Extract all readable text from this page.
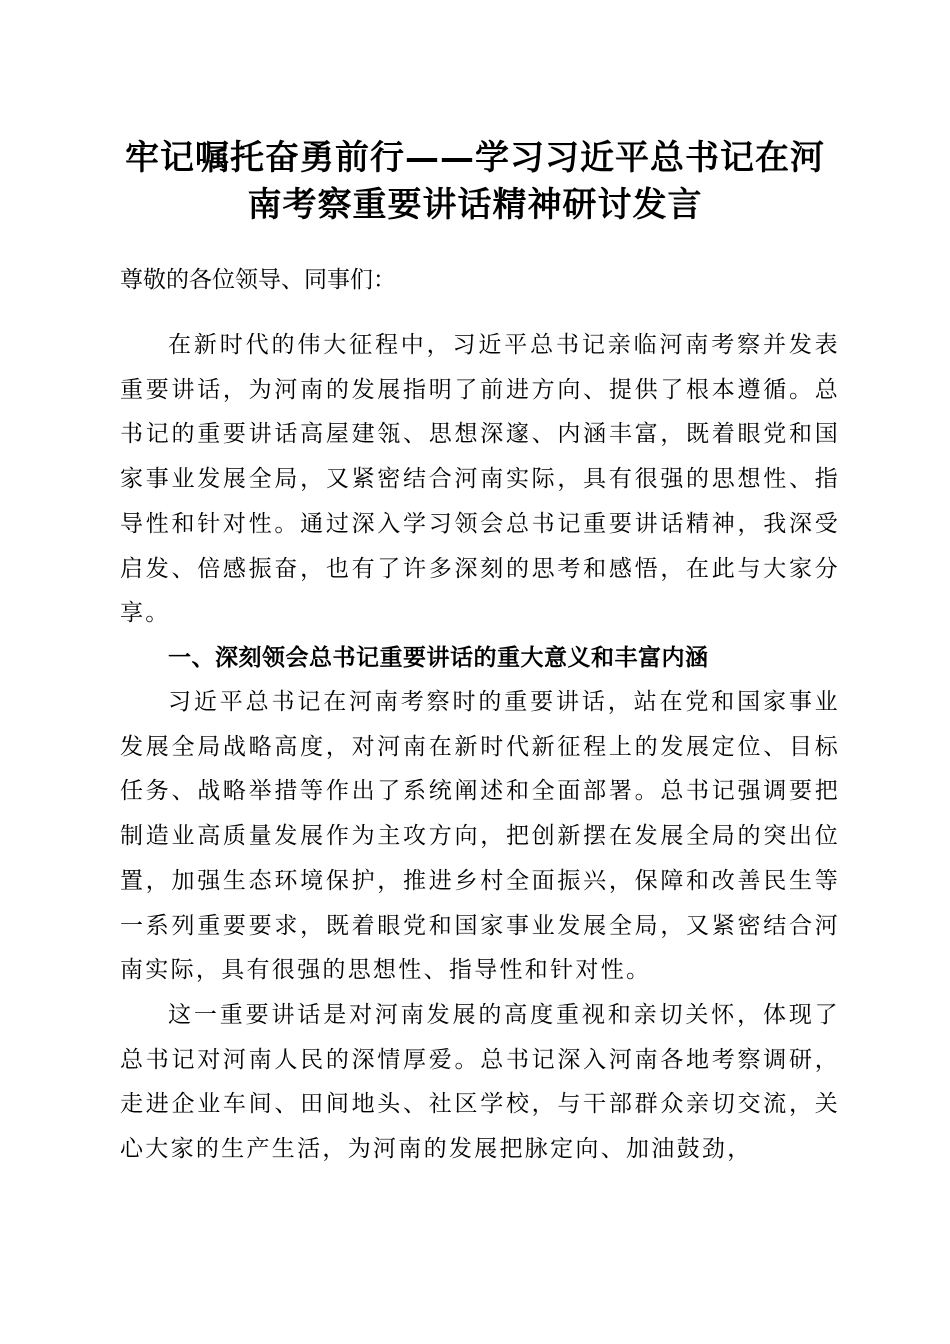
牢记嘱托奋勇前行——学习习近平总书记在河
南考察重要讲话精神研讨发言
尊敬的各位领导、同事们：
在新时代的伟大征程中，习近平总书记亲临河南考察并发表重要讲话，为河南的发展指明了前进方向、提供了根本遵循。总书记的重要讲话高屋建瓴、思想深邃、内涵丰富，既着眼党和国家事业发展全局，又紧密结合河南实际，具有很强的思想性、指导性和针对性。通过深入学习领会总书记重要讲话精神，我深受启发、倍感振奋，也有了许多深刻的思考和感悟，在此与大家分享。
一、深刻领会总书记重要讲话的重大意义和丰富内涵
习近平总书记在河南考察时的重要讲话，站在党和国家事业发展全局战略高度，对河南在新时代新征程上的发展定位、目标任务、战略举措等作出了系统阐述和全面部署。总书记强调要把制造业高质量发展作为主攻方向，把创新摆在发展全局的突出位置，加强生态环境保护，推进乡村全面振兴，保障和改善民生等一系列重要要求，既着眼党和国家事业发展全局，又紧密结合河南实际，具有很强的思想性、指导性和针对性。
这一重要讲话是对河南发展的高度重视和亲切关怀，体现了总书记对河南人民的深情厚爱。总书记深入河南各地考察调研，走进企业车间、田间地头、社区学校，与干部群众亲切交流，关心大家的生产生活，为河南的发展把脉定向、加油鼓劲，
